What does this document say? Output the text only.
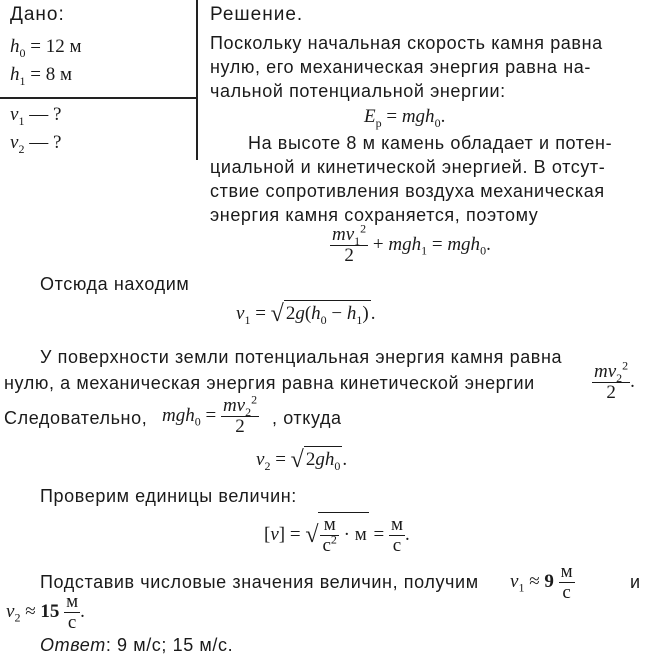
Дано:
$h_0 = 12$ м
$h_1 = 8$ м
$v_1$ — ?
$v_2$ — ?
Решение.
Поскольку начальная скорость камня равна
нулю, его механическая энергия равна на-
чальной потенциальной энергии:
$E_р = mgh_0$.
На высоте 8 м камень обладает и потен-
циальной и кинетической энергией. В отсут-
ствие сопротивления воздуха механическая
энергия камня сохраняется, поэтому
$\frac{mv_1^2}{2} + mgh_1 = mgh_0$.
Отсюда находим
$v_1$ = √ $2g(h_0 - h_1)$ .
У поверхности земли потенциальная энергия камня равна
нулю, а механическая энергия равна кинетической энергии	$\frac{mv_2^2}{2}$ .
Следовательно, $mgh_0 = \frac{mv_2^2}{2}$ , откуда
$v_2$ = √ $2gh_0$ .
Проверим единицы величин:
[v] = √ $\frac{м}{с^2} \cdot м = \frac{м}{с}$ .
Подставив числовые значения величин, получим $v_1 \approx 9 \frac{м}{с}$	и
$v_2 \approx 15 \frac{м}{с}$ .
Ответ: 9 м/с; 15 м/с.
